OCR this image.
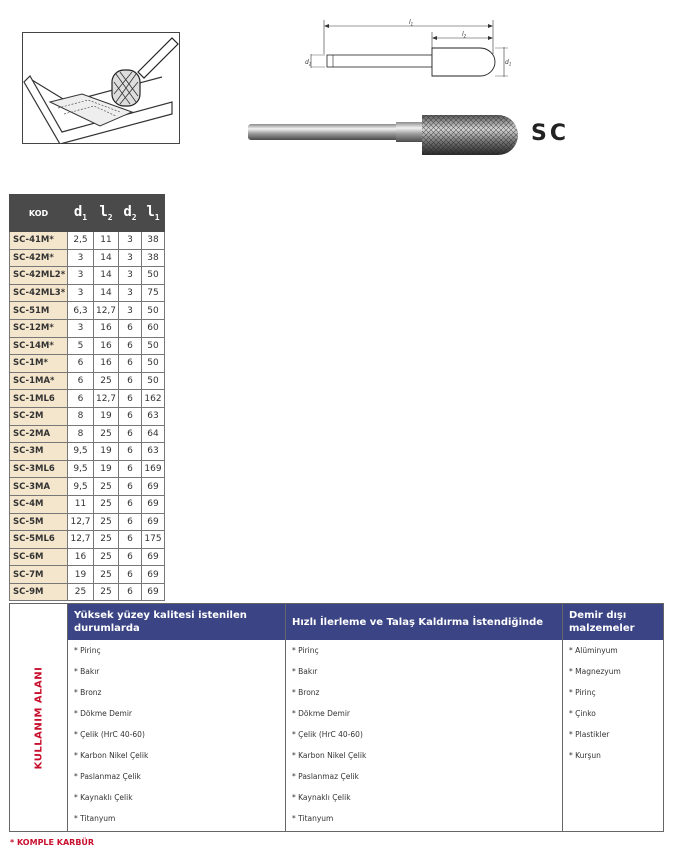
$l_1$
$l_2$
$d_2$	$d_1$
SC
KOD	$d_1$	$l_2$	$d_2$	$l_1$
SC-41M*	2,5	11	3	38
SC-42M*	3	14	3	38
SC-42ML2*	3	14	3	50
SC-42ML3*	3	14	3	75
SC-51M	6,3	12,7	3	50
SC-12M*	3	16	6	60
SC-14M*	5	16	6	50
SC-1M*	6	16	6	50
SC-1MA*	6	25	6	50
SC-1ML6	6	12,7	6	162
SC-2M	8	19	6	63
SC-2MA	8	25	6	64
SC-3M	9,5	19	6	63
SC-3ML6	9,5	19	6	169
SC-3MA	9,5	25	6	69
SC-4M	11	25	6	69
SC-5M	12,7	25	6	69
SC-5ML6	12,7	25	6	175
SC-6M	16	25	6	69
SC-7M	19	25	6	69
SC-9M	25	25	6	69
KULLANIM ALANI
Yüksek yüzey kalitesi istenilen durumlarda
* Pirinç
* Bakır
* Bronz
* Dökme Demir
* Çelik (HrC 40-60)
* Karbon Nikel Çelik
* Paslanmaz Çelik
* Kaynaklı Çelik
* Titanyum
Hızlı İlerleme ve Talaş Kaldırma İstendiğinde
* Pirinç
* Bakır
* Bronz
* Dökme Demir
* Çelik (HrC 40-60)
* Karbon Nikel Çelik
* Paslanmaz Çelik
* Kaynaklı Çelik
* Titanyum
Demir dışı malzemeler
* Alüminyum
* Magnezyum
* Pirinç
* Çinko
* Plastikler
* Kurşun
* KOMPLE KARBÜR
